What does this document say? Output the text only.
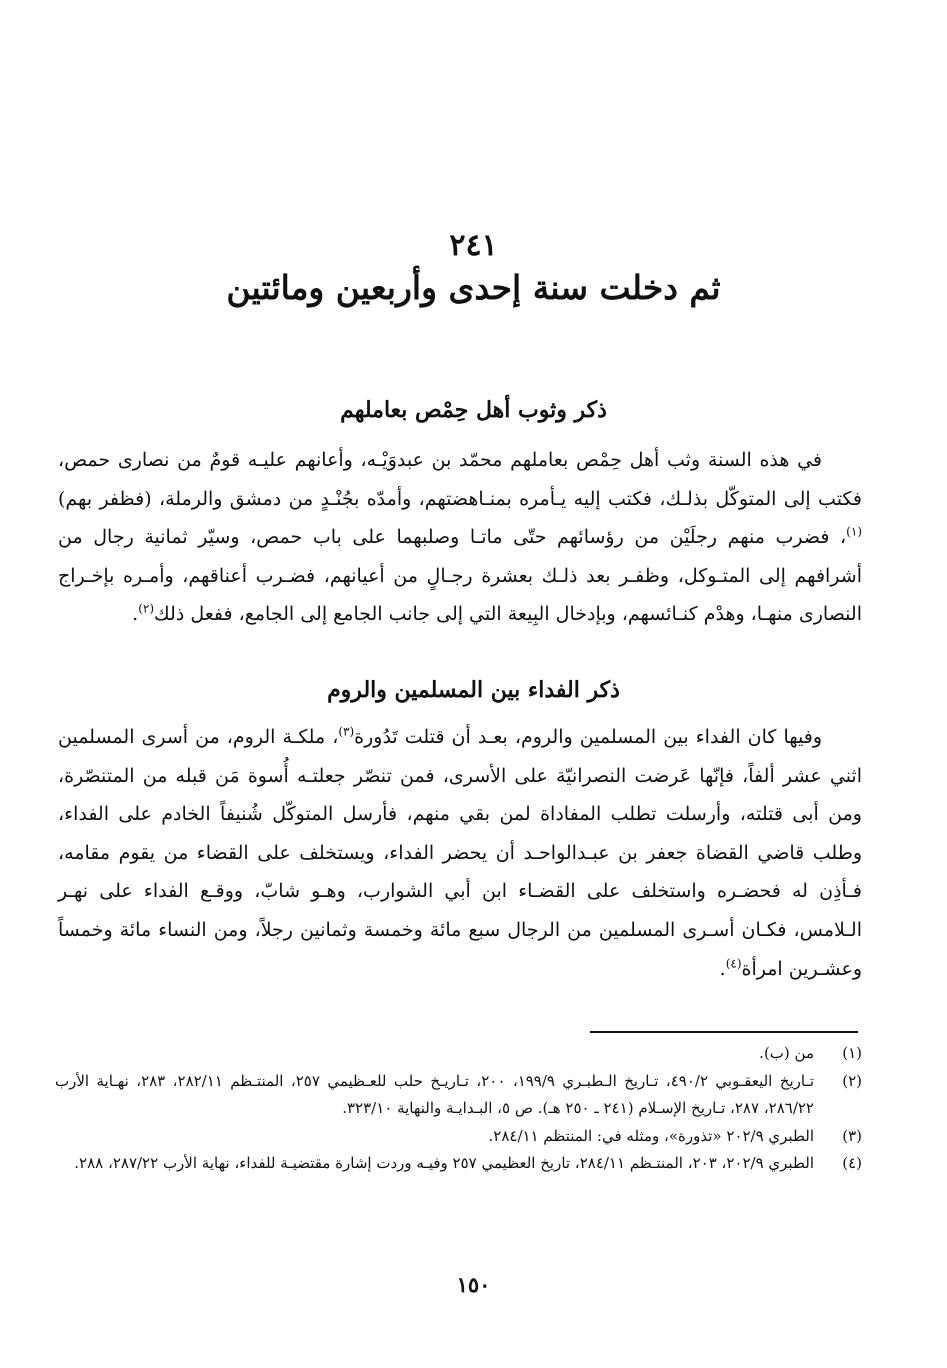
٢٤١
ثم دخلت سنة إحدى وأربعين ومائتين
ذكر وثوب أهل حِمْص بعاملهم

في هذه السنة وثب أهل حِمْص بعاملهم محمّد بن عبدوَيْـه، وأعانهم عليـه قومٌ من نصارى حمص، فكتب إلى المتوكّل بذلـك، فكتب إليه يـأمره بمنـاهضتهم، وأمدّه بجُنْـدٍ من دمشق والرملة، (فظفر بهم)$^{(١)}$، فضرب منهم رجلَيْن من رؤسائهم حتّى ماتـا وصلبهما على باب حمص، وسيّر ثمانية رجال من أشرافهم إلى المتـوكل، وظفـر بعد ذلـك بعشرة رجـالٍ من أعيانهم، فضـرب أعناقهم، وأمـره بإخـراج النصارى منهـا، وهدْم كنـائسهم، وبإدخال البِيعة التي إلى جانب الجامع إلى الجامع، ففعل ذلك$^{(٢)}$.

ذكر الفداء بين المسلمين والروم

وفيها كان الفداء بين المسلمين والروم، بعـد أن قتلت تَدُورة$^{(٣)}$، ملكـة الروم، من أسرى المسلمين اثني عشر ألفاً، فإنّها عَرضت النصرانيّة على الأسرى، فمن تنصّر جعلتـه أُسوة مَن قبله من المتنصّرة، ومن أبى قتلته، وأرسلت تطلب المفاداة لمن بقي منهم، فأرسل المتوكّل شُنيفاً الخادم على الفداء، وطلب قاضي القضاة جعفر بن عبـدالواحـد أن يحضر الفداء، ويستخلف على القضاء من يقوم مقامه، فـأذِن له فحضـره واستخلف على القضـاء ابن أبي الشوارب، وهـو شابّ، ووقـع الفداء على نهـر الـلامس، فكـان أسـرى المسلمين من الرجال سبع مائة وخمسة وثمانين رجلاً، ومن النساء مائة وخمساً وعشـرين امرأة$^{(٤)}$.

(١)
من (ب).
(٢)
تـاريخ اليعقـوبي ٤٩٠/٢، تـاريخ الـطبـري ١٩٩/٩، ٢٠٠، تـاريـخ حلب للعـظيمي ٢٥٧، المنتـظم ٢٨٢/١١، ٢٨٣، نهـاية الأرب ٢٨٦/٢٢، ٢٨٧، تـاريخ الإسـلام (٢٤١ ـ ٢٥٠ هـ). ص ٥، البـدايـة والنهاية ٣٢٣/١٠.
(٣)
الطبري ٢٠٢/٩ «تذورة»، ومثله في: المنتظم ٢٨٤/١١.
(٤)
الطبري ٢٠٢/٩، ٢٠٣، المنتـظم ٢٨٤/١١، تاريخ العظيمي ٢٥٧ وفيـه وردت إشارة مقتضيـة للفداء، نهاية الأرب ٢٨٧/٢٢، ٢٨٨.
١٥٠
